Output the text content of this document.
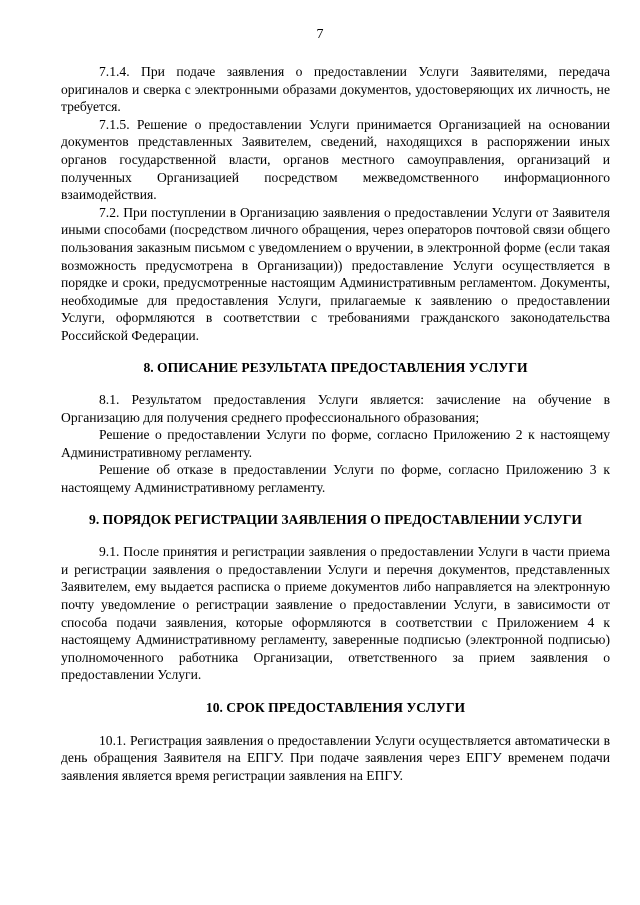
7

7.1.4. При подаче заявления о предоставлении Услуги Заявителями, передача оригиналов и сверка с электронными образами документов, удостоверяющих их личность, не требуется.

7.1.5. Решение о предоставлении Услуги принимается Организацией на основании документов представленных Заявителем, сведений, находящихся в распоряжении иных органов государственной власти, органов местного самоуправления, организаций и полученных Организацией посредством межведомственного информационного взаимодействия.

7.2. При поступлении в Организацию заявления о предоставлении Услуги от Заявителя иными способами (посредством личного обращения, через операторов почтовой связи общего пользования заказным письмом с уведомлением о вручении, в электронной форме (если такая возможность предусмотрена в Организации)) предоставление Услуги осуществляется в порядке и сроки, предусмотренные настоящим Административным регламентом. Документы, необходимые для предоставления Услуги, прилагаемые к заявлению о предоставлении Услуги, оформляются в соответствии с требованиями гражданского законодательства Российской Федерации.

8. ОПИСАНИЕ РЕЗУЛЬТАТА ПРЕДОСТАВЛЕНИЯ УСЛУГИ

8.1. Результатом предоставления Услуги является: зачисление на обучение в Организацию для получения среднего профессионального образования;

Решение о предоставлении Услуги по форме, согласно Приложению 2 к настоящему Административному регламенту.

Решение об отказе в предоставлении Услуги по форме, согласно Приложению 3 к настоящему Административному регламенту.

9. ПОРЯДОК РЕГИСТРАЦИИ ЗАЯВЛЕНИЯ О ПРЕДОСТАВЛЕНИИ УСЛУГИ

9.1. После принятия и регистрации заявления о предоставлении Услуги в части приема и регистрации заявления о предоставлении Услуги и перечня документов, представленных Заявителем, ему выдается расписка о приеме документов либо направляется на электронную почту уведомление о регистрации заявление о предоставлении Услуги, в зависимости от способа подачи заявления, которые оформляются в соответствии с Приложением 4 к настоящему Административному регламенту, заверенные подписью (электронной подписью) уполномоченного работника Организации, ответственного за прием заявления о предоставлении Услуги.

10. СРОК ПРЕДОСТАВЛЕНИЯ УСЛУГИ

10.1. Регистрация заявления о предоставлении Услуги осуществляется автоматически в день обращения Заявителя на ЕПГУ. При подаче заявления через ЕПГУ временем подачи заявления является время регистрации заявления на ЕПГУ.
